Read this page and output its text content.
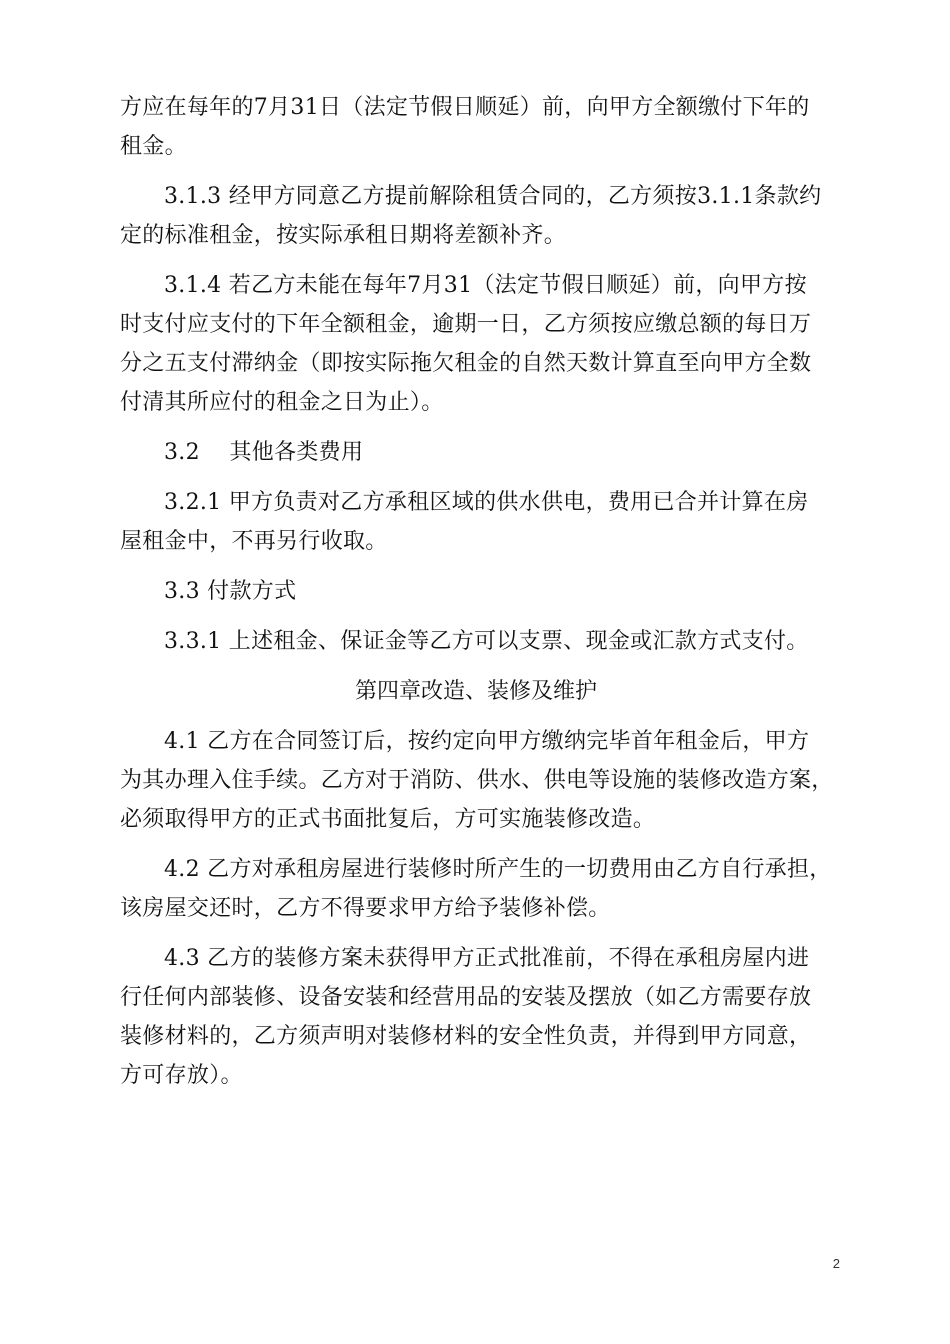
方应在每年的7月31日（法定节假日顺延）前，向甲方全额缴付下年的
租金。
3.1.3 经甲方同意乙方提前解除租赁合同的，乙方须按3.1.1条款约
定的标准租金，按实际承租日期将差额补齐。
3.1.4 若乙方未能在每年7月31（法定节假日顺延）前，向甲方按
时支付应支付的下年全额租金，逾期一日，乙方须按应缴总额的每日万
分之五支付滞纳金（即按实际拖欠租金的自然天数计算直至向甲方全数
付清其所应付的租金之日为止）。
3.2　 其他各类费用
3.2.1 甲方负责对乙方承租区域的供水供电，费用已合并计算在房
屋租金中，不再另行收取。
3.3 付款方式
3.3.1 上述租金、保证金等乙方可以支票、现金或汇款方式支付。
第四章改造、装修及维护
4.1 乙方在合同签订后，按约定向甲方缴纳完毕首年租金后，甲方
为其办理入住手续。乙方对于消防、供水、供电等设施的装修改造方案，
必须取得甲方的正式书面批复后，方可实施装修改造。
4.2 乙方对承租房屋进行装修时所产生的一切费用由乙方自行承担，
该房屋交还时，乙方不得要求甲方给予装修补偿。
4.3 乙方的装修方案未获得甲方正式批准前，不得在承租房屋内进
行任何内部装修、设备安装和经营用品的安装及摆放（如乙方需要存放
装修材料的，乙方须声明对装修材料的安全性负责，并得到甲方同意，
方可存放）。
2
